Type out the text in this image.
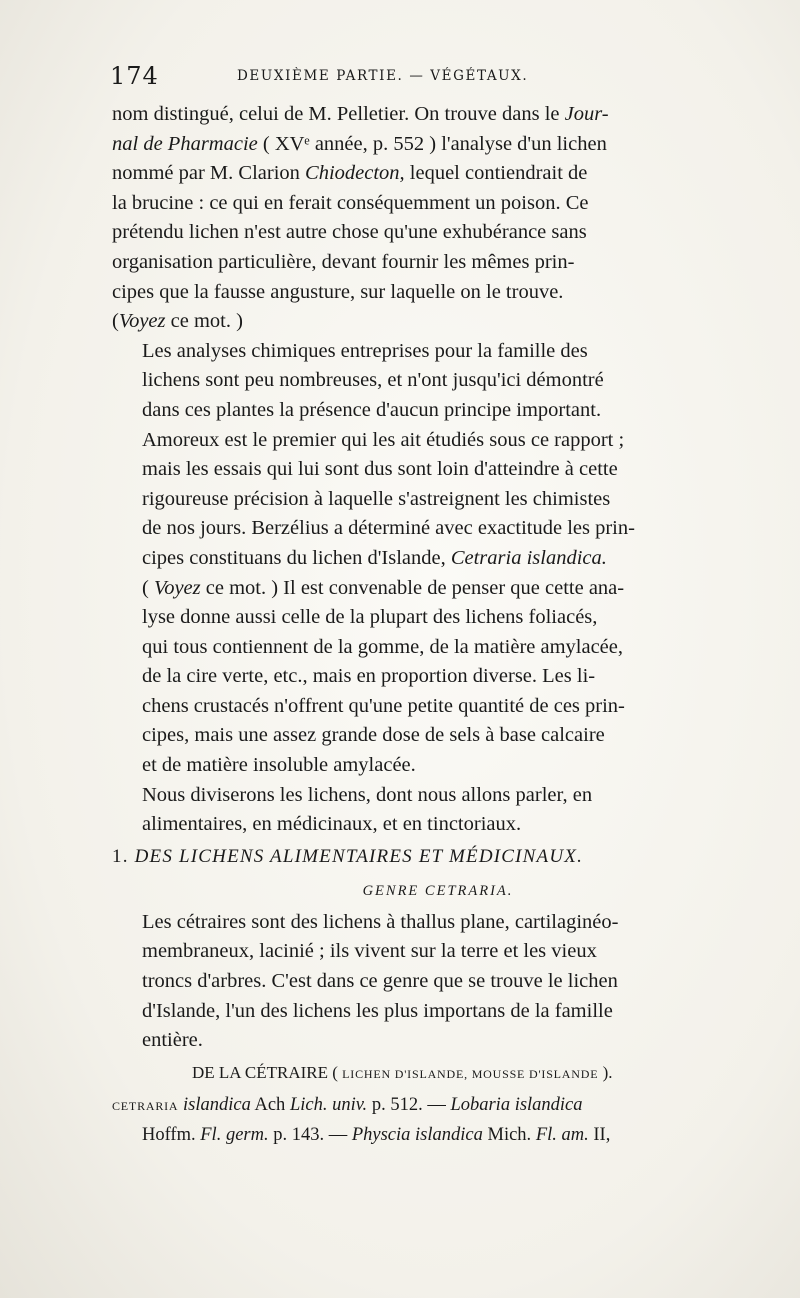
174	DEUXIÈME PARTIE. — VÉGÉTAUX.

nom distingué, celui de M. Pelletier. On trouve dans le Jour-
nal de Pharmacie ( XVᵉ année, p. 552 ) l'analyse d'un lichen
nommé par M. Clarion Chiodecton, lequel contiendrait de
la brucine : ce qui en ferait conséquemment un poison. Ce
prétendu lichen n'est autre chose qu'une exhubérance sans
organisation particulière, devant fournir les mêmes prin-
cipes que la fausse angusture, sur laquelle on le trouve.
(Voyez ce mot. )

Les analyses chimiques entreprises pour la famille des
lichens sont peu nombreuses, et n'ont jusqu'ici démontré
dans ces plantes la présence d'aucun principe important.
Amoreux est le premier qui les ait étudiés sous ce rapport ;
mais les essais qui lui sont dus sont loin d'atteindre à cette
rigoureuse précision à laquelle s'astreignent les chimistes
de nos jours. Berzélius a déterminé avec exactitude les prin-
cipes constituans du lichen d'Islande, Cetraria islandica.
( Voyez ce mot. ) Il est convenable de penser que cette ana-
lyse donne aussi celle de la plupart des lichens foliacés,
qui tous contiennent de la gomme, de la matière amylacée,
de la cire verte, etc., mais en proportion diverse. Les li-
chens crustacés n'offrent qu'une petite quantité de ces prin-
cipes, mais une assez grande dose de sels à base calcaire
et de matière insoluble amylacée.

Nous diviserons les lichens, dont nous allons parler, en
alimentaires, en médicinaux, et en tinctoriaux.

1. DES LICHENS ALIMENTAIRES ET MÉDICINAUX.

GENRE CETRARIA.

Les cétraires sont des lichens à thallus plane, cartilaginéo-
membraneux, lacinié ; ils vivent sur la terre et les vieux
troncs d'arbres. C'est dans ce genre que se trouve le lichen
d'Islande, l'un des lichens les plus importans de la famille
entière.

DE LA CÉTRAIRE ( LICHEN D'ISLANDE, MOUSSE D'ISLANDE ).

CETRARIA islandica Ach Lich. univ. p. 512. — Lobaria islandica

Hoffm. Fl. germ. p. 143. — Physcia islandica Mich. Fl. am. II,
